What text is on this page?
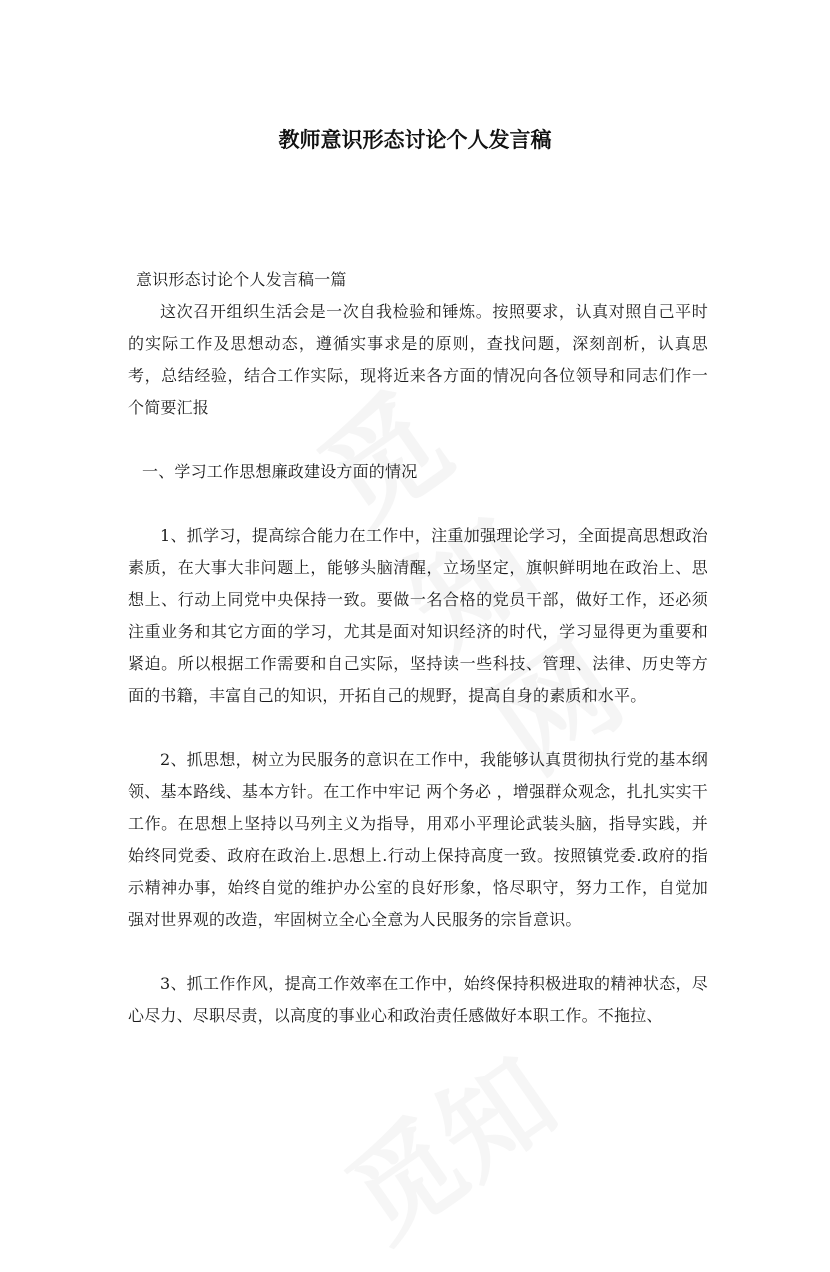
教师意识形态讨论个人发言稿

意识形态讨论个人发言稿一篇

这次召开组织生活会是一次自我检验和锤炼。按照要求，认真对照自己平时的实际工作及思想动态，遵循实事求是的原则，查找问题，深刻剖析，认真思考，总结经验，结合工作实际，现将近来各方面的情况向各位领导和同志们作一个简要汇报

一、学习工作思想廉政建设方面的情况

1、抓学习，提高综合能力在工作中，注重加强理论学习，全面提高思想政治素质，在大事大非问题上，能够头脑清醒，立场坚定，旗帜鲜明地在政治上、思想上、行动上同党中央保持一致。要做一名合格的党员干部，做好工作，还必须注重业务和其它方面的学习，尤其是面对知识经济的时代，学习显得更为重要和紧迫。所以根据工作需要和自己实际，坚持读一些科技、管理、法律、历史等方面的书籍，丰富自己的知识，开拓自己的规野，提高自身的素质和水平。

2、抓思想，树立为民服务的意识在工作中，我能够认真贯彻执行党的基本纲领、基本路线、基本方针。在工作中牢记 两个务必 ，增强群众观念，扎扎实实干工作。在思想上坚持以马列主义为指导，用邓小平理论武装头脑，指导实践，并始终同党委、政府在政治上.思想上.行动上保持高度一致。按照镇党委.政府的指示精神办事，始终自觉的维护办公室的良好形象，恪尽职守，努力工作，自觉加强对世界观的改造，牢固树立全心全意为人民服务的宗旨意识。

3、抓工作作风，提高工作效率在工作中，始终保持积极进取的精神状态，尽心尽力、尽职尽责，以高度的事业心和政治责任感做好本职工作。不拖拉、
